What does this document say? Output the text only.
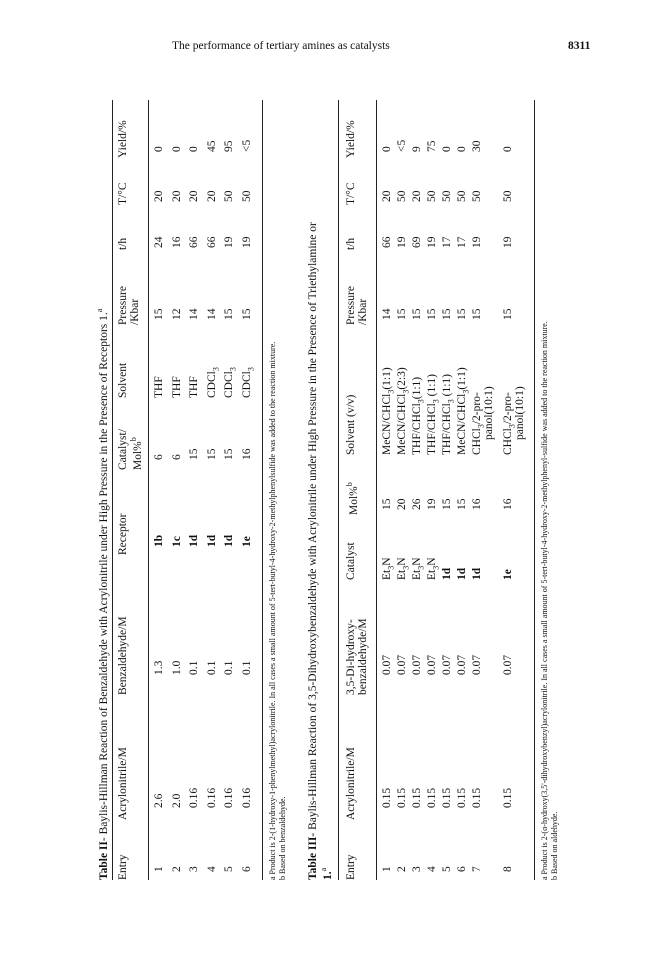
The performance of tertiary amines as catalysts	8311
Table II- Baylis-Hillman Reaction of Benzaldehyde with Acrylonitrile under High Pressure in the Presence of Receptors 1.$^a$
Entry
Acrylonitrile/M
Benzaldehyde/M
Receptor
Catalyst/ Mol%$^b$
Solvent
Pressure
/Kbar
t/h
T/°C
Yield/%
1
2.6
1.3
1b
6
THF
15
24
20
0
2
2.0
1.0
1c
6
THF
12
16
20
0
3
0.16
0.1
1d
15
THF
14
66
20
0
4
0.16
0.1
1d
15
CDCl$_3$
14
66
20
45
5
0.16
0.1
1d
15
CDCl$_3$
15
19
50
95
6
0.16
0.1
1e
16
CDCl$_3$
15
19
50
<5
a Product is 2-(1-hydroxy-1-phenylmethyl)acrylonitrile. In all cases a small amount of 5-tert-butyl-4-hydroxy-2-methylphenylsulfide was added to the reaction mixture. b Based on benzaldehyde. Table III- Baylis-Hillman Reaction of 3,5-Dihydroxybenzaldehyde with Acrylonitrile under High Pressure in the Presence of Triethylamine or
1.$^a$	Entry
Acrylonitrile/M
3,5-Di-hydroxy-
benzaldehyde/M
Catalyst
Mol%$^b$
Solvent (v/v)
Pressure
/Kbar
t/h
T/°C
Yield/%
1
0.15
0.07
$Et_3N$
15
MeCN/CHCl$_3$(1:1)
14
66
20
0
2
0.15
0.07
$Et_3N$
20
MeCN/CHCl$_3$(2:3)
15
19
50
<5
3
0.15
0.07
$Et_3N$
26
THF/CHCl$_3$(1:1)
15
69
20
9
4
0.15
0.07
$Et_3N$
19
THF/CHCl$_3$ (1:1)
15
19
50
75
5
0.15
0.07
1d
15
THF/CHCl$_3$ (1:1)
15
17
50
0
6
0.15
0.07
1d
15
MeCN/CHCl$_3$(1:1)
15
17
50
0
7
0.15
0.07
1d
16
CHCl$_3$/2-pro-
15
19
50
30
panol(10:1)
8
0.15
0.07
1e
16
CHCl$_3$/2-pro-
15
19
50
0
panol(10:1) a Product is 2-(α-hydroxy(3,5'-dihydroxybenzyl)acrylonitrile. In all cases a small amount of 5-tert-butyl-4-hydroxy-2-methylphenyl-sulfide was added to the reaction mixture. b Based on aldehyde.
